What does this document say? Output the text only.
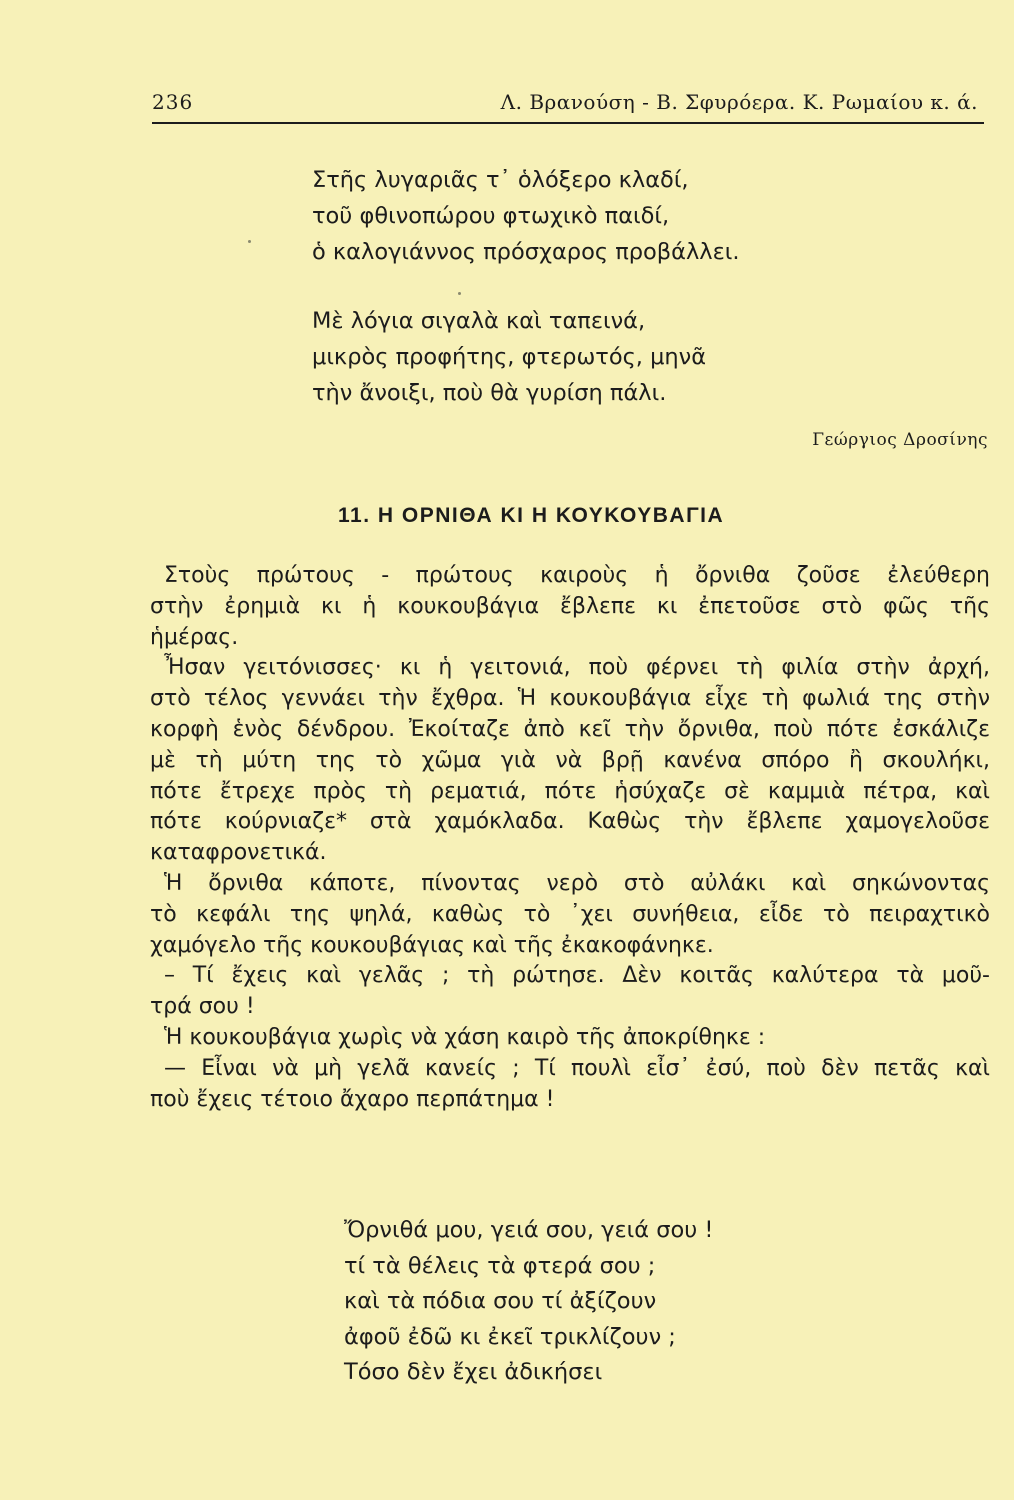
236	Λ. Βρανούση - Β. Σφυρόερα. Κ. Ρωμαίου κ. ά.
Στῆς λυγαριᾶς τ᾽ ὁλόξερο κλαδί,
τοῦ φθινοπώρου φτωχικὸ παιδί,
ὁ καλογιάννος πρόσχαρος προβάλλει.
Μὲ λόγια σιγαλὰ καὶ ταπεινά,
μικρὸς προφήτης, φτερωτός, μηνᾶ
τὴν ἄνοιξι, ποὺ θὰ γυρίση πάλι.
Γεώργιος Δροσίνης
11. Η ΟΡΝΙΘΑ ΚΙ Η ΚΟΥΚΟΥΒΑΓΙΑ
Στοὺς πρώτους - πρώτους καιροὺς ἡ ὄρνιθα ζοῦσε ἐλεύθερη
στὴν ἐρημιὰ κι ἡ κουκουβάγια ἔβλεπε κι ἐπετοῦσε στὸ φῶς τῆς
ἡμέρας.
Ἦσαν γειτόνισσες· κι ἡ γειτονιά, ποὺ φέρνει τὴ φιλία στὴν ἀρχή,
στὸ τέλος γεννάει τὴν ἔχθρα. Ἡ κουκουβάγια εἶχε τὴ φωλιά της στὴν
κορφὴ ἑνὸς δένδρου. Ἐκοίταζε ἀπὸ κεῖ τὴν ὄρνιθα, ποὺ πότε ἐσκάλιζε
μὲ τὴ μύτη της τὸ χῶμα γιὰ νὰ βρῇ κανένα σπόρο ἢ σκουλήκι,
πότε ἔτρεχε πρὸς τὴ ρεματιά, πότε ἡσύχαζε σὲ καμμιὰ πέτρα, καὶ
πότε κούρνιαζε* στὰ χαμόκλαδα. Καθὼς τὴν ἔβλεπε χαμογελοῦσε
καταφρονετικά.
Ἡ ὄρνιθα κάποτε, πίνοντας νερὸ στὸ αὐλάκι καὶ σηκώνοντας
τὸ κεφάλι της ψηλά, καθὼς τὸ ᾽χει συνήθεια, εἶδε τὸ πειραχτικὸ
χαμόγελο τῆς κουκουβάγιας καὶ τῆς ἐκακοφάνηκε.
– Τί ἔχεις καὶ γελᾶς ; τὴ ρώτησε. Δὲν κοιτᾶς καλύτερα τὰ μοῦ-
τρά σου !
Ἡ κουκουβάγια χωρὶς νὰ χάση καιρὸ τῆς ἀποκρίθηκε :
— Εἶναι νὰ μὴ γελᾶ κανείς ; Τί πουλὶ εἶσ᾽ ἐσύ, ποὺ δὲν πετᾶς καὶ
ποὺ ἔχεις τέτοιο ἄχαρο περπάτημα !
Ὄρνιθά μου, γειά σου, γειά σου !
τί τὰ θέλεις τὰ φτερά σου ;
καὶ τὰ πόδια σου τί ἀξίζουν
ἀφοῦ ἐδῶ κι ἐκεῖ τρικλίζουν ;
Τόσο δὲν ἔχει ἀδικήσει
